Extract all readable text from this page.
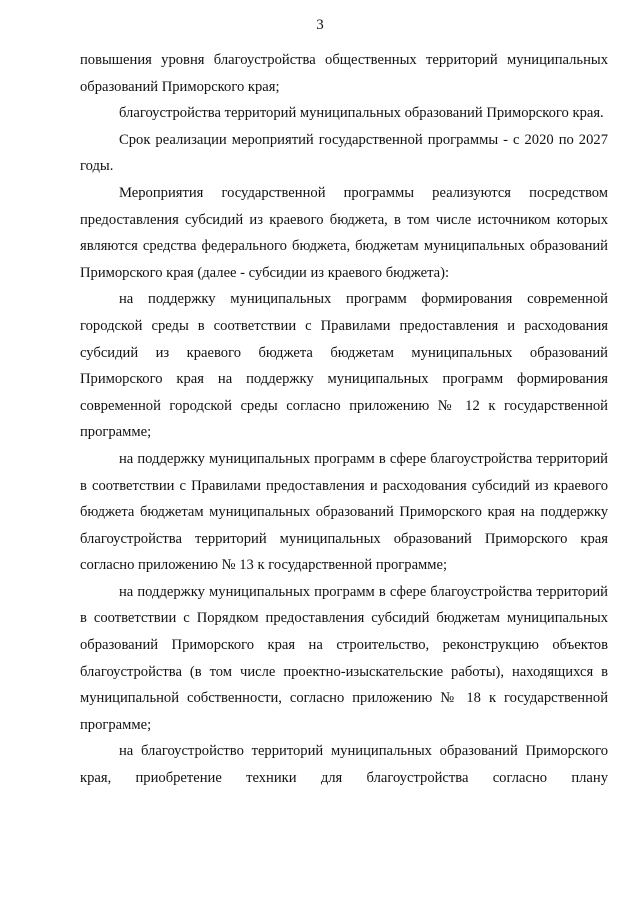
3

повышения уровня благоустройства общественных территорий муниципальных образований Приморского края;

благоустройства территорий муниципальных образований Приморского края.

Срок реализации мероприятий государственной программы - с 2020 по 2027 годы.

Мероприятия государственной программы реализуются посредством предоставления субсидий из краевого бюджета, в том числе источником которых являются средства федерального бюджета, бюджетам муниципальных образований Приморского края (далее - субсидии из краевого бюджета):

на поддержку муниципальных программ формирования современной городской среды в соответствии с Правилами предоставления и расходования субсидий из краевого бюджета бюджетам муниципальных образований Приморского края на поддержку муниципальных программ формирования современной городской среды согласно приложению № 12 к государственной программе;

на поддержку муниципальных программ в сфере благоустройства территорий в соответствии с Правилами предоставления и расходования субсидий из краевого бюджета бюджетам муниципальных образований Приморского края на поддержку благоустройства территорий муниципальных образований Приморского края согласно приложению № 13 к государственной программе;

на поддержку муниципальных программ в сфере благоустройства территорий в соответствии с Порядком предоставления субсидий бюджетам муниципальных образований Приморского края на строительство, реконструкцию объектов благоустройства (в том числе проектно-изыскательские работы), находящихся в муниципальной собственности, согласно приложению № 18 к государственной программе;

на благоустройство территорий муниципальных образований Приморского края, приобретение техники для благоустройства согласно плану
